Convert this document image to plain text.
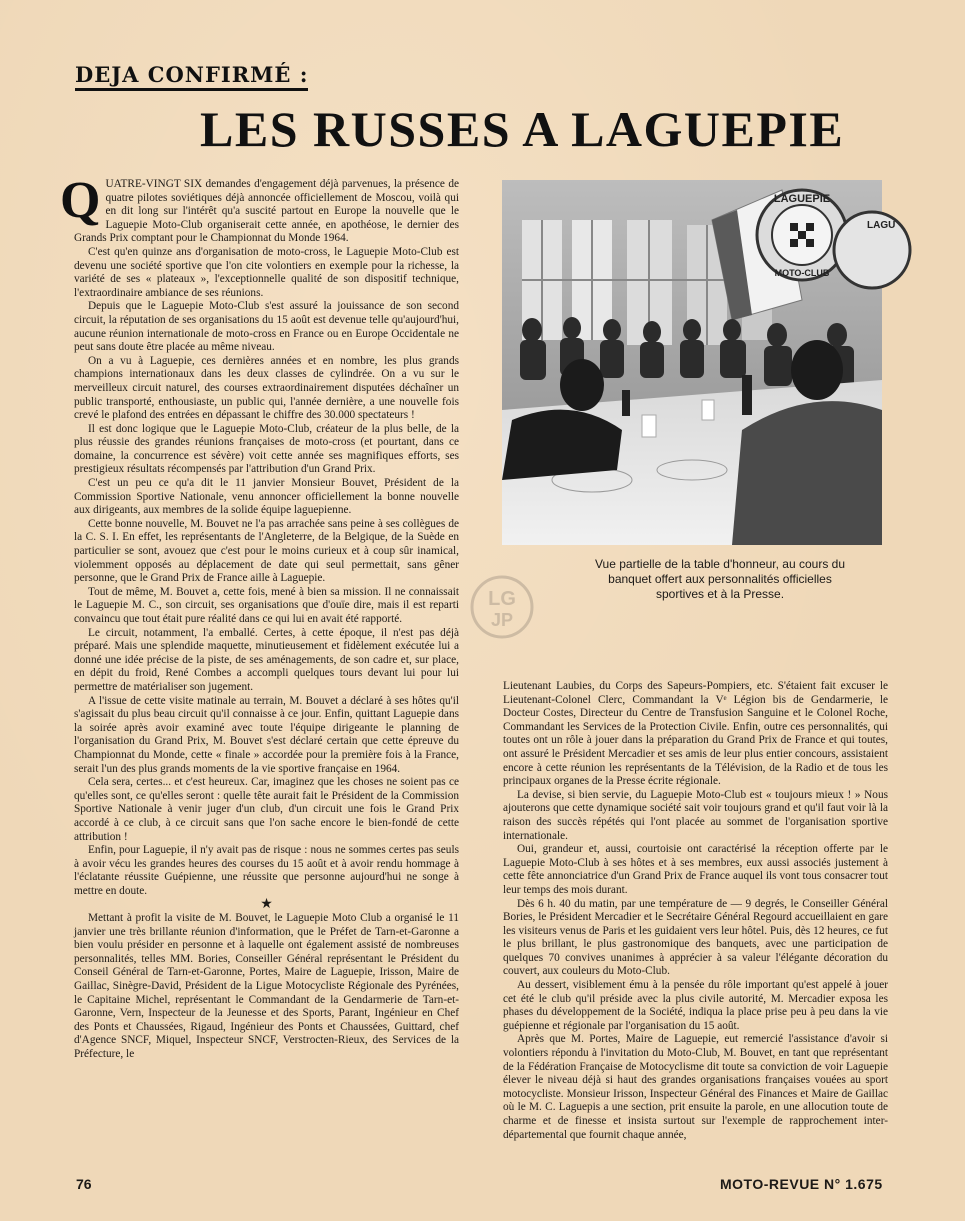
DEJA CONFIRMÉ :
LES RUSSES A LAGUEPIE

QUATRE-VINGT SIX demandes d'engagement déjà parvenues, la présence de quatre pilotes soviétiques déjà annoncée officiellement de Moscou, voilà qui en dit long sur l'intérêt qu'a suscité partout en Europe la nouvelle que le Laguepie Moto-Club organiserait cette année, en apothéose, le dernier des Grands Prix comptant pour le Championnat du Monde 1964.

C'est qu'en quinze ans d'organisation de moto-cross, le Laguepie Moto-Club est devenu une société sportive que l'on cite volontiers en exemple pour la richesse, la variété de ses « plateaux », l'exceptionnelle qualité de son dispositif technique, l'extraordinaire ambiance de ses réunions.

Depuis que le Laguepie Moto-Club s'est assuré la jouissance de son second circuit, la réputation de ses organisations du 15 août est devenue telle qu'aujourd'hui, aucune réunion internationale de moto-cross en France ou en Europe Occidentale ne peut sans doute être placée au même niveau.

On a vu à Laguepie, ces dernières années et en nombre, les plus grands champions internationaux dans les deux classes de cylindrée. On a vu sur le merveilleux circuit naturel, des courses extraordinairement disputées déchaîner un public transporté, enthousiaste, un public qui, l'année dernière, a une nouvelle fois crevé le plafond des entrées en dépassant le chiffre des 30.000 spectateurs !

Il est donc logique que le Laguepie Moto-Club, créateur de la plus belle, de la plus réussie des grandes réunions françaises de moto-cross (et pourtant, dans ce domaine, la concurrence est sévère) voit cette année ses magnifiques efforts, ses prestigieux résultats récompensés par l'attribution d'un Grand Prix.

C'est un peu ce qu'a dit le 11 janvier Monsieur Bouvet, Président de la Commission Sportive Nationale, venu annoncer officiellement la bonne nouvelle aux dirigeants, aux membres de la solide équipe laguepienne.

Cette bonne nouvelle, M. Bouvet ne l'a pas arrachée sans peine à ses collègues de la C. S. I. En effet, les représentants de l'Angleterre, de la Belgique, de la Suède en particulier se sont, avouez que c'est pour le moins curieux et à coup sûr inamical, violemment opposés au déplacement de date qui seul permettait, sans gêner personne, que le Grand Prix de France aille à Laguepie.

Tout de même, M. Bouvet a, cette fois, mené à bien sa mission. Il ne connaissait le Laguepie M. C., son circuit, ses organisations que d'ouïe dire, mais il est reparti convaincu que tout était pure réalité dans ce qui lui en avait été rapporté.

Le circuit, notamment, l'a emballé. Certes, à cette époque, il n'est pas déjà préparé. Mais une splendide maquette, minutieusement et fidèlement exécutée lui a donné une idée précise de la piste, de ses aménagements, de son cadre et, sur place, en dépit du froid, René Combes a accompli quelques tours devant lui pour lui permettre de matérialiser son jugement.

A l'issue de cette visite matinale au terrain, M. Bouvet a déclaré à ses hôtes qu'il s'agissait du plus beau circuit qu'il connaisse à ce jour. Enfin, quittant Laguepie dans la soirée après avoir examiné avec toute l'équipe dirigeante le planning de l'organisation du Grand Prix, M. Bouvet s'est déclaré certain que cette épreuve du Championnat du Monde, cette « finale » accordée pour la première fois à la France, serait l'un des plus grands moments de la vie sportive française en 1964.

Cela sera, certes... et c'est heureux. Car, imaginez que les choses ne soient pas ce qu'elles sont, ce qu'elles seront : quelle tête aurait fait le Président de la Commission Sportive Nationale à venir juger d'un club, d'un circuit une fois le Grand Prix accordé à ce club, à ce circuit sans que l'on sache encore le bien-fondé de cette attribution !

Enfin, pour Laguepie, il n'y avait pas de risque : nous ne sommes certes pas seuls à avoir vécu les grandes heures des courses du 15 août et à avoir rendu hommage à l'éclatante réussite Guépienne, une réussite que personne aujourd'hui ne songe à mettre en doute.

★

Mettant à profit la visite de M. Bouvet, le Laguepie Moto Club a organisé le 11 janvier une très brillante réunion d'information, que le Préfet de Tarn-et-Garonne a bien voulu présider en personne et à laquelle ont également assisté de nombreuses personnalités, telles MM. Bories, Conseiller Général représentant le Président du Conseil Général de Tarn-et-Garonne, Portes, Maire de Laguepie, Irisson, Maire de Gaillac, Sinègre-David, Président de la Ligue Motocycliste Régionale des Pyrénées, le Capitaine Michel, représentant le Commandant de la Gendarmerie de Tarn-et-Garonne, Vern, Inspecteur de la Jeunesse et des Sports, Parant, Ingénieur en Chef des Ponts et Chaussées, Rigaud, Ingénieur des Ponts et Chaussées, Guittard, chef d'Agence SNCF, Miquel, Inspecteur SNCF, Verstrocten-Rieux, des Services de la Préfecture, le

LAGUEPIE
MOTO-CLUB
LAGU
Vue partielle de la table d'honneur, au cours du banquet offert aux personnalités officielles sportives et à la Presse.
LG
JP

Lieutenant Laubies, du Corps des Sapeurs-Pompiers, etc. S'étaient fait excuser le Lieutenant-Colonel Clerc, Commandant la Vᵉ Légion bis de Gendarmerie, le Docteur Costes, Directeur du Centre de Transfusion Sanguine et le Colonel Roche, Commandant les Services de la Protection Civile. Enfin, outre ces personnalités, qui toutes ont un rôle à jouer dans la préparation du Grand Prix de France et qui toutes, ont assuré le Président Mercadier et ses amis de leur plus entier concours, assistaient encore à cette réunion les représentants de la Télévision, de la Radio et de tous les principaux organes de la Presse écrite régionale.

La devise, si bien servie, du Laguepie Moto-Club est « toujours mieux ! » Nous ajouterons que cette dynamique société sait voir toujours grand et qu'il faut voir là la raison des succès répétés qui l'ont placée au sommet de l'organisation sportive internationale.

Oui, grandeur et, aussi, courtoisie ont caractérisé la réception offerte par le Laguepie Moto-Club à ses hôtes et à ses membres, eux aussi associés justement à cette fête annonciatrice d'un Grand Prix de France auquel ils vont tous consacrer tout leur temps des mois durant.

Dès 6 h. 40 du matin, par une température de — 9 degrés, le Conseiller Général Bories, le Président Mercadier et le Secrétaire Général Regourd accueillaient en gare les visiteurs venus de Paris et les guidaient vers leur hôtel. Puis, dès 12 heures, ce fut le plus brillant, le plus gastronomique des banquets, avec une participation de quelques 70 convives unanimes à apprécier à sa valeur l'élégante décoration du couvert, aux couleurs du Moto-Club.

Au dessert, visiblement ému à la pensée du rôle important qu'est appelé à jouer cet été le club qu'il préside avec la plus civile autorité, M. Mercadier exposa les phases du développement de la Société, indiqua la place prise peu à peu dans la vie guépienne et régionale par l'organisation du 15 août.

Après que M. Portes, Maire de Laguepie, eut remercié l'assistance d'avoir si volontiers répondu à l'invitation du Moto-Club, M. Bouvet, en tant que représentant de la Fédération Française de Motocyclisme dit toute sa conviction de voir Laguepie élever le niveau déjà si haut des grandes organisations françaises vouées au sport motocycliste. Monsieur Irisson, Inspecteur Général des Finances et Maire de Gaillac où le M. C. Laguepis a une section, prit ensuite la parole, en une allocution toute de charme et de finesse et insista surtout sur l'exemple de rapprochement inter-départemental que fournit chaque année,

76	MOTO-REVUE N° 1.675
